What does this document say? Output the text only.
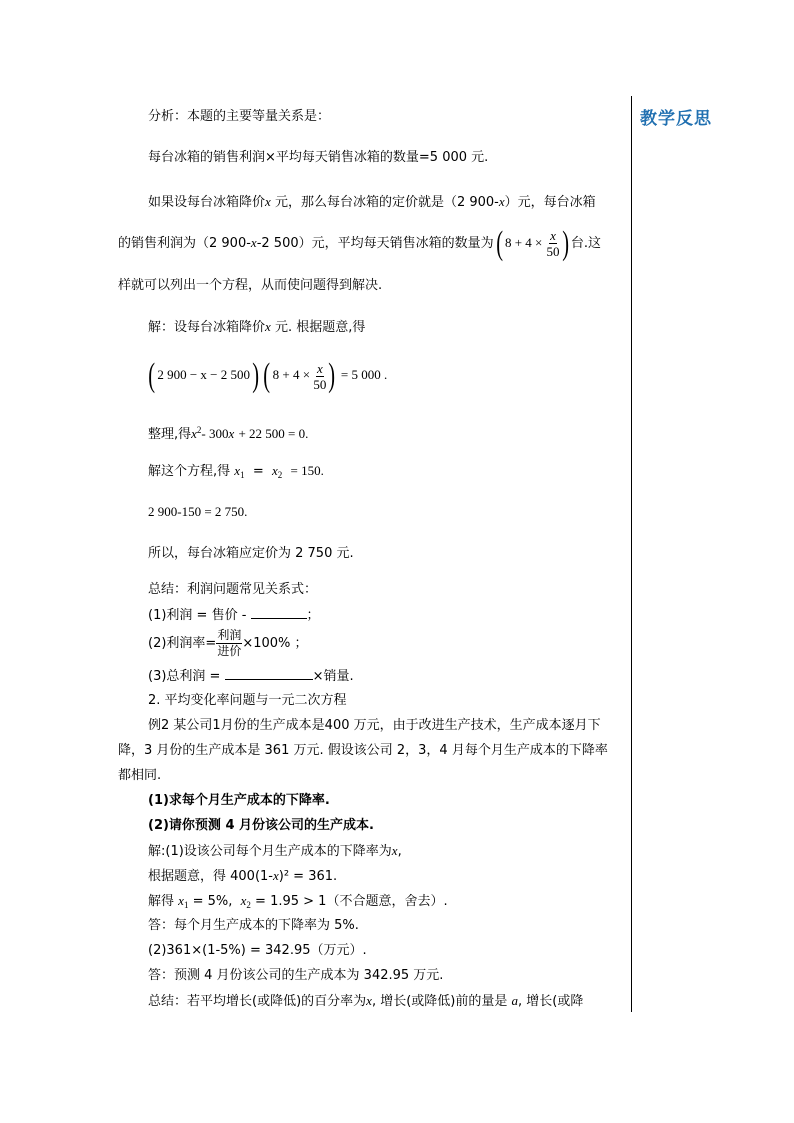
教学反思
分析：本题的主要等量关系是：
每台冰箱的销售利润×平均每天销售冰箱的数量=5 000 元.
如果设每台冰箱降价x 元，那么每台冰箱的定价就是（2 900-x）元，每台冰箱
的销售利润为（2 900-x-2 500）元，平均每天销售冰箱的数量为( $8 + 4 \times \frac{x}{50}$ ) 台.这
样就可以列出一个方程，从而使问题得到解决.
解：设每台冰箱降价x 元. 根据题意,得
( 2 900 − x − 2 500) ( $8 + 4 \times \frac{x}{50}$ ) = 5 000 .
整理,得$x^2-$ 300x + 22 500 = 0.
解这个方程,得 $x_1 = x_2 = 150$.
2 900-150 = 2 750.
所以，每台冰箱应定价为 2 750 元.
总结：利润问题常见关系式：
(1)利润 = 售价 -	；
(2)利润率= $\frac{\text{利润}}{\text{进价}} \times 100\%$ ；
(3)总利润 =	×销量.
2. 平均变化率问题与一元二次方程
例2 某公司1月份的生产成本是400 万元，由于改进生产技术，生产成本逐月下
降，3 月份的生产成本是 361 万元. 假设该公司 2，3，4 月每个月生产成本的下降率
都相同.
(1)求每个月生产成本的下降率.
(2)请你预测 4 月份该公司的生产成本.
解:(1)设该公司每个月生产成本的下降率为x,
根据题意，得 400(1-x)² = 361.
解得 $x_1 = 5\%$, $x_2 = 1.95 > 1$（不合题意，舍去）.
答：每个月生产成本的下降率为 5%.
(2)361×(1-5%) = 342.95（万元）.
答：预测 4 月份该公司的生产成本为 342.95 万元.
总结：若平均增长(或降低)的百分率为x, 增长(或降低)前的量是 a, 增长(或降
